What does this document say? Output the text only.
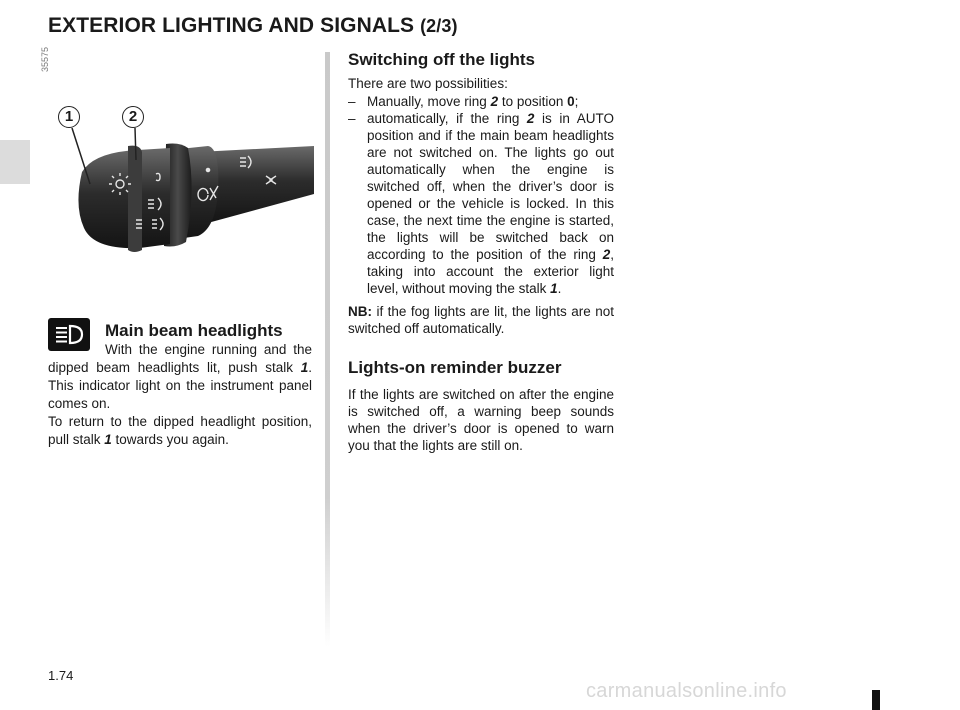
EXTERIOR LIGHTING AND SIGNALS (2/3)
35575
1	2
Main beam headlights

With the engine running and the dipped beam headlights lit, push stalk 1. This indicator light on the instrument panel comes on.

To return to the dipped headlight position, pull stalk 1 towards you again.

Switching off the lights

There are two possibilities:

– Manually, move ring 2 to position 0;
– automatically, if the ring 2 is in AUTO position and if the main beam headlights are not switched on. The lights go out automatically when the engine is switched off, when the driver’s door is opened or the vehicle is locked. In this case, the next time the engine is started, the lights will be switched back on according to the position of the ring 2, taking into account the exterior light level, without moving the stalk 1.

NB: if the fog lights are lit, the lights are not switched off automatically.

Lights-on reminder buzzer

If the lights are switched on after the engine is switched off, a warning beep sounds when the driver’s door is opened to warn you that the lights are still on.

1.74
carmanualsonline.info
